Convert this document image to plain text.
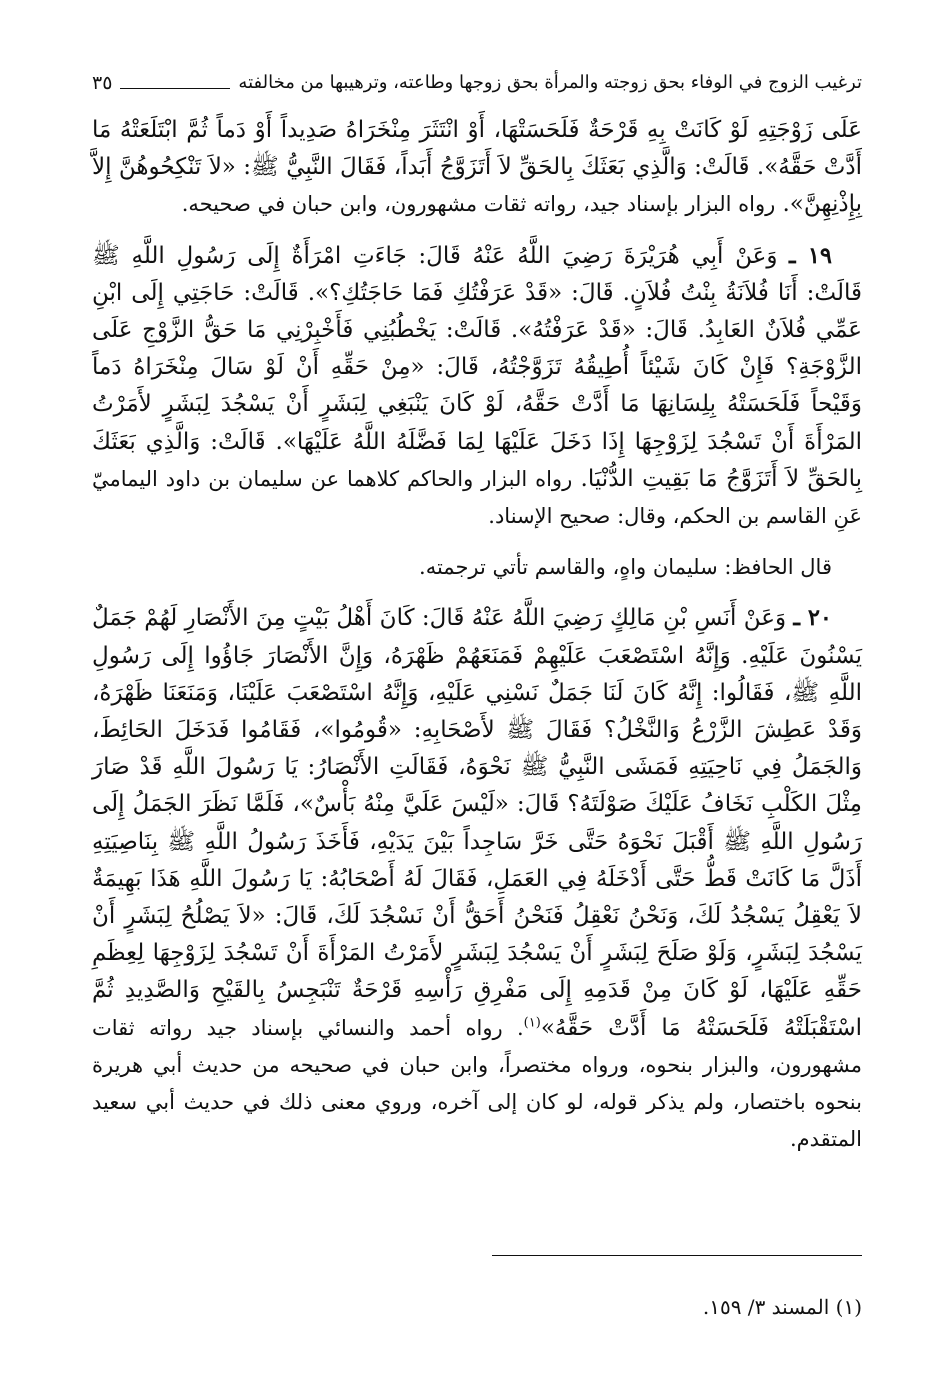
ترغيب الزوج في الوفاء بحق زوجته والمرأة بحق زوجها وطاعته، وترهيبها من مخالفته
٣٥

عَلَى زَوْجَتِهِ لَوْ كَانَتْ بِهِ قَرْحَةٌ فَلَحَسَتْهَا، أَوْ انْتَثَرَ مِنْخَرَاهُ صَدِيداً أَوْ دَماً ثُمَّ ابْتَلَعَتْهُ مَا أَدَّتْ حَقَّهُ». قَالَتْ: وَالَّذِي بَعَثَكَ بِالحَقِّ لاَ أَتَزَوَّجُ أَبَداً، فَقَالَ النَّبِيُّ ﷺ: «لاَ تَنْكِحُوهُنَّ إِلاَّ بِإِذْنِهِنَّ». رواه البزار بإسناد جيد، رواته ثقات مشهورون، وابن حبان في صحيحه.

١٩ ـ وَعَنْ أَبِي هُرَيْرَةَ رَضِيَ اللَّهُ عَنْهُ قَالَ: جَاءَتِ امْرَأَةٌ إِلَى رَسُولِ اللَّهِ ﷺ قَالَتْ: أَنَا فُلاَنَةُ بِنْتُ فُلاَنٍ. قَالَ: «قَدْ عَرَفْتُكِ فَمَا حَاجَتُكِ؟». قَالَتْ: حَاجَتِي إِلَى ابْنِ عَمِّي فُلاَنٌ العَابِدُ. قَالَ: «قَدْ عَرَفْتُهُ». قَالَتْ: يَخْطُبُنِي فَأَخْبِرْنِي مَا حَقُّ الزَّوْجِ عَلَى الزَّوْجَةِ؟ فَإِنْ كَانَ شَيْئاً أُطِيقُهُ تَزَوَّجْتُهُ، قَالَ: «مِنْ حَقِّهِ أَنْ لَوْ سَالَ مِنْخَرَاهُ دَماً وَقَيْحاً فَلَحَسَتْهُ بِلِسَانِهَا مَا أَدَّتْ حَقَّهُ، لَوْ كَانَ يَنْبَغِي لِبَشَرٍ أَنْ يَسْجُدَ لِبَشَرٍ لأَمَرْتُ المَرْأَةَ أَنْ تَسْجُدَ لِزَوْجِهَا إِذَا دَخَلَ عَلَيْهَا لِمَا فَضَّلَهُ اللَّهُ عَلَيْهَا». قَالَتْ: وَالَّذِي بَعَثَكَ بِالحَقِّ لاَ أَتَزَوَّجُ مَا بَقِيتِ الدُّنْيَا. رواه البزار والحاكم كلاهما عن سليمان بن داود اليماميّ عَنِ القاسم بن الحكم، وقال: صحيح الإسناد.

قال الحافظ: سليمان واهٍ، والقاسم تأتي ترجمته.

٢٠ ـ وَعَنْ أَنَسِ بْنِ مَالِكٍ رَضِيَ اللَّهُ عَنْهُ قَالَ: كَانَ أَهْلُ بَيْتٍ مِنَ الأَنْصَارِ لَهُمْ جَمَلٌ يَسْنُونَ عَلَيْهِ. وَإِنَّهُ اسْتَصْعَبَ عَلَيْهِمْ فَمَنَعَهُمْ ظَهْرَهُ، وَإِنَّ الأَنْصَارَ جَاؤُوا إِلَى رَسُولِ اللَّهِ ﷺ، فَقَالُوا: إِنَّهُ كَانَ لَنَا جَمَلٌ نَسْنِي عَلَيْهِ، وَإِنَّهُ اسْتَصْعَبَ عَلَيْنَا، وَمَنَعَنَا ظَهْرَهُ، وَقَدْ عَطِشَ الزَّرْعُ وَالنَّخْلُ؟ فَقَالَ ﷺ لأَصْحَابِهِ: «قُومُوا»، فَقَامُوا فَدَخَلَ الحَائِطَ، وَالجَمَلُ فِي نَاحِيَتِهِ فَمَشَى النَّبِيُّ ﷺ نَحْوَهُ، فَقَالَتِ الأَنْصَارُ: يَا رَسُولَ اللَّهِ قَدْ صَارَ مِثْلَ الكَلْبِ نَخَافُ عَلَيْكَ صَوْلَتَهُ؟ قَالَ: «لَيْسَ عَلَيَّ مِنْهُ بَأْسٌ»، فَلَمَّا نَظَرَ الجَمَلُ إِلَى رَسُولِ اللَّهِ ﷺ أَقْبَلَ نَحْوَهُ حَتَّى خَرَّ سَاجِداً بَيْنَ يَدَيْهِ، فَأَخَذَ رَسُولُ اللَّهِ ﷺ بِنَاصِيَتِهِ أَذَلَّ مَا كَانَتْ قَطُّ حَتَّى أَدْخَلَهُ فِي العَمَلِ، فَقَالَ لَهُ أَصْحَابُهُ: يَا رَسُولَ اللَّهِ هَذَا بَهِيمَةٌ لاَ يَعْقِلُ يَسْجُدُ لَكَ، وَنَحْنُ نَعْقِلُ فَنَحْنُ أَحَقُّ أَنْ نَسْجُدَ لَكَ، قَالَ: «لاَ يَصْلُحُ لِبَشَرٍ أَنْ يَسْجُدَ لِبَشَرٍ، وَلَوْ صَلَحَ لِبَشَرٍ أَنْ يَسْجُدَ لِبَشَرٍ لأَمَرْتُ المَرْأَةَ أَنْ تَسْجُدَ لِزَوْجِهَا لِعِظَمِ حَقِّهِ عَلَيْهَا، لَوْ كَانَ مِنْ قَدَمِهِ إِلَى مَفْرِقِ رَأْسِهِ قَرْحَةٌ تَنْبَجِسُ بِالقَيْحِ وَالصَّدِيدِ ثُمَّ اسْتَقْبَلَتْهُ فَلَحَسَتْهُ مَا أَدَّتْ حَقَّهُ»$^{(١)}$. رواه أحمد والنسائي بإسناد جيد رواته ثقات مشهورون، والبزار بنحوه، ورواه مختصراً، وابن حبان في صحيحه من حديث أبي هريرة بنحوه باختصار، ولم يذكر قوله، لو كان إلى آخره، وروي معنى ذلك في حديث أبي سعيد المتقدم.

(١) المسند ٣/ ١٥٩.
